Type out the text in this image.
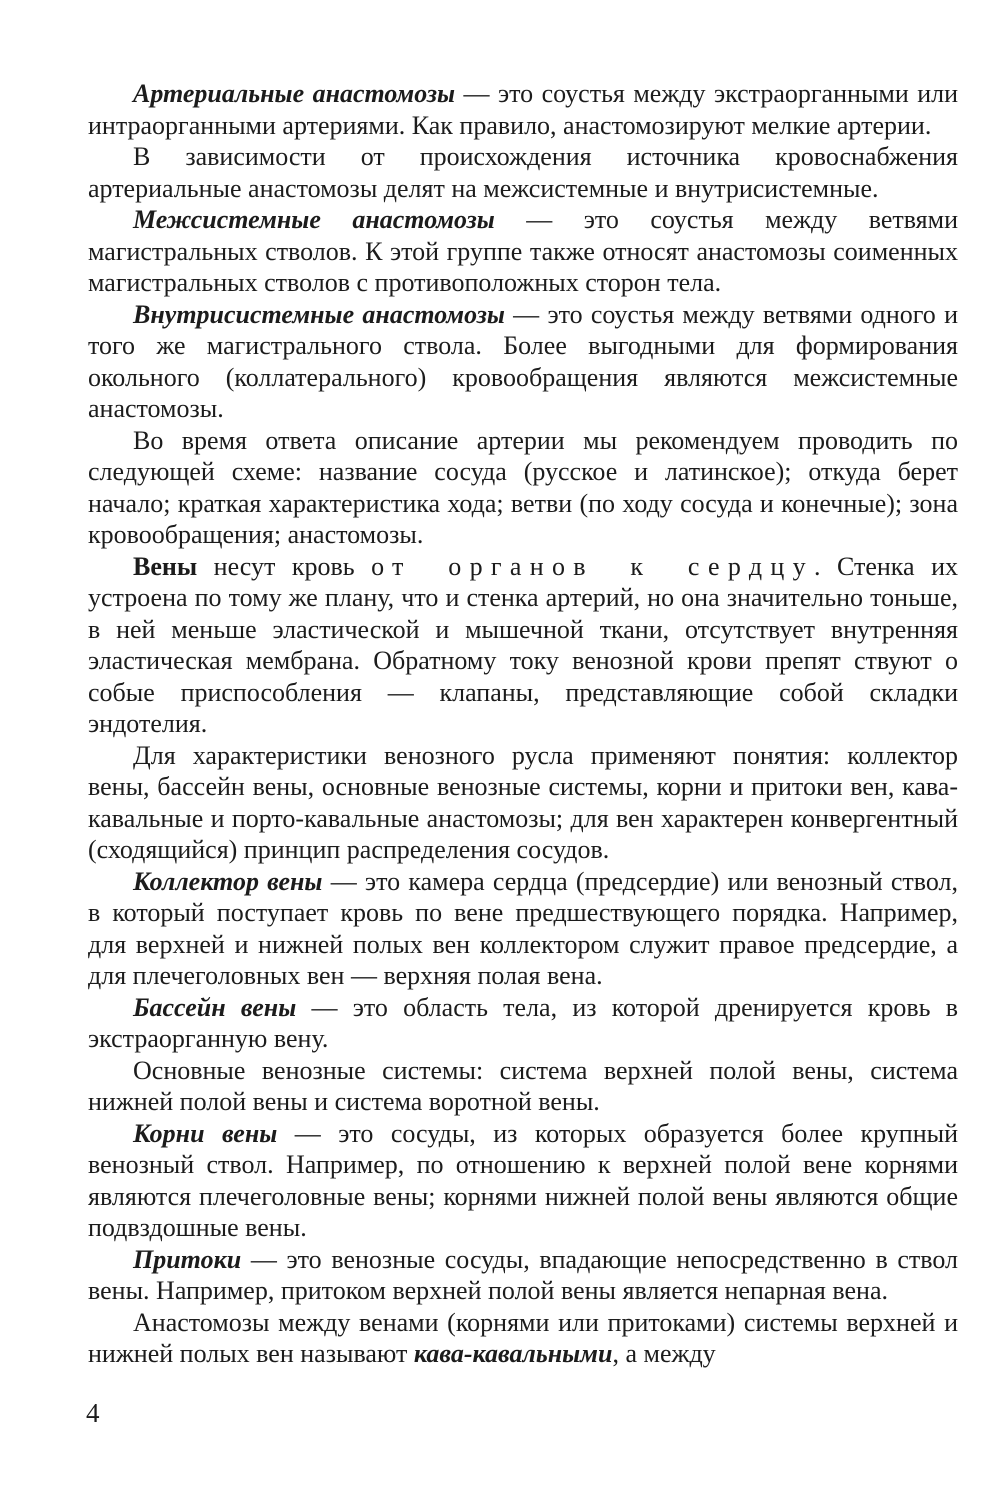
Артериальные анастомозы — это соустья между экстраорганными или интраорганными артериями. Как правило, анастомозируют мелкие артерии.

В зависимости от происхождения источника кровоснабжения артериальные анастомозы делят на межсистемные и внутрисистемные.

Межсистемные анастомозы — это соустья между ветвями магистральных стволов. К этой группе также относят анастомозы соименных магистральных стволов с противоположных сторон тела.

Внутрисистемные анастомозы — это соустья между ветвями одного и того же магистрального ствола. Более выгодными для формирования окольного (коллатерального) кровообращения являются межсистемные анастомозы.

Во время ответа описание артерии мы рекомендуем проводить по следующей схеме: название сосуда (русское и латинское); откуда берет начало; краткая характеристика хода; ветви (по ходу сосуда и конечные); зона кровообращения; анастомозы.

Вены несут кровь от органов к сердцу. Стенка их устроена по тому же плану, что и стенка артерий, но она значительно тоньше, в ней меньше эластической и мышечной ткани, отсутствует внутренняя эластическая мембрана. Обратному току венозной крови препят ствуют о собые приспособления — клапаны, представляющие собой складки эндотелия.

Для характеристики венозного русла применяют понятия: коллектор вены, бассейн вены, основные венозные системы, корни и притоки вен, кава-кавальные и порто-кавальные анастомозы; для вен характерен конвергентный (сходящийся) принцип распределения сосудов.

Коллектор вены — это камера сердца (предсердие) или венозный ствол, в который поступает кровь по вене предшествующего порядка. Например, для верхней и нижней полых вен коллектором служит правое предсердие, а для плечеголовных вен — верхняя полая вена.

Бассейн вены — это область тела, из которой дренируется кровь в экстраорганную вену.

Основные венозные системы: система верхней полой вены, система нижней полой вены и система воротной вены.

Корни вены — это сосуды, из которых образуется более крупный венозный ствол. Например, по отношению к верхней полой вене корнями являются плечеголовные вены; корнями нижней полой вены являются общие подвздошные вены.

Притоки — это венозные сосуды, впадающие непосредственно в ствол вены. Например, притоком верхней полой вены является непарная вена.

Анастомозы между венами (корнями или притоками) системы верхней и нижней полых вен называют кава-кавальными, а между

4
